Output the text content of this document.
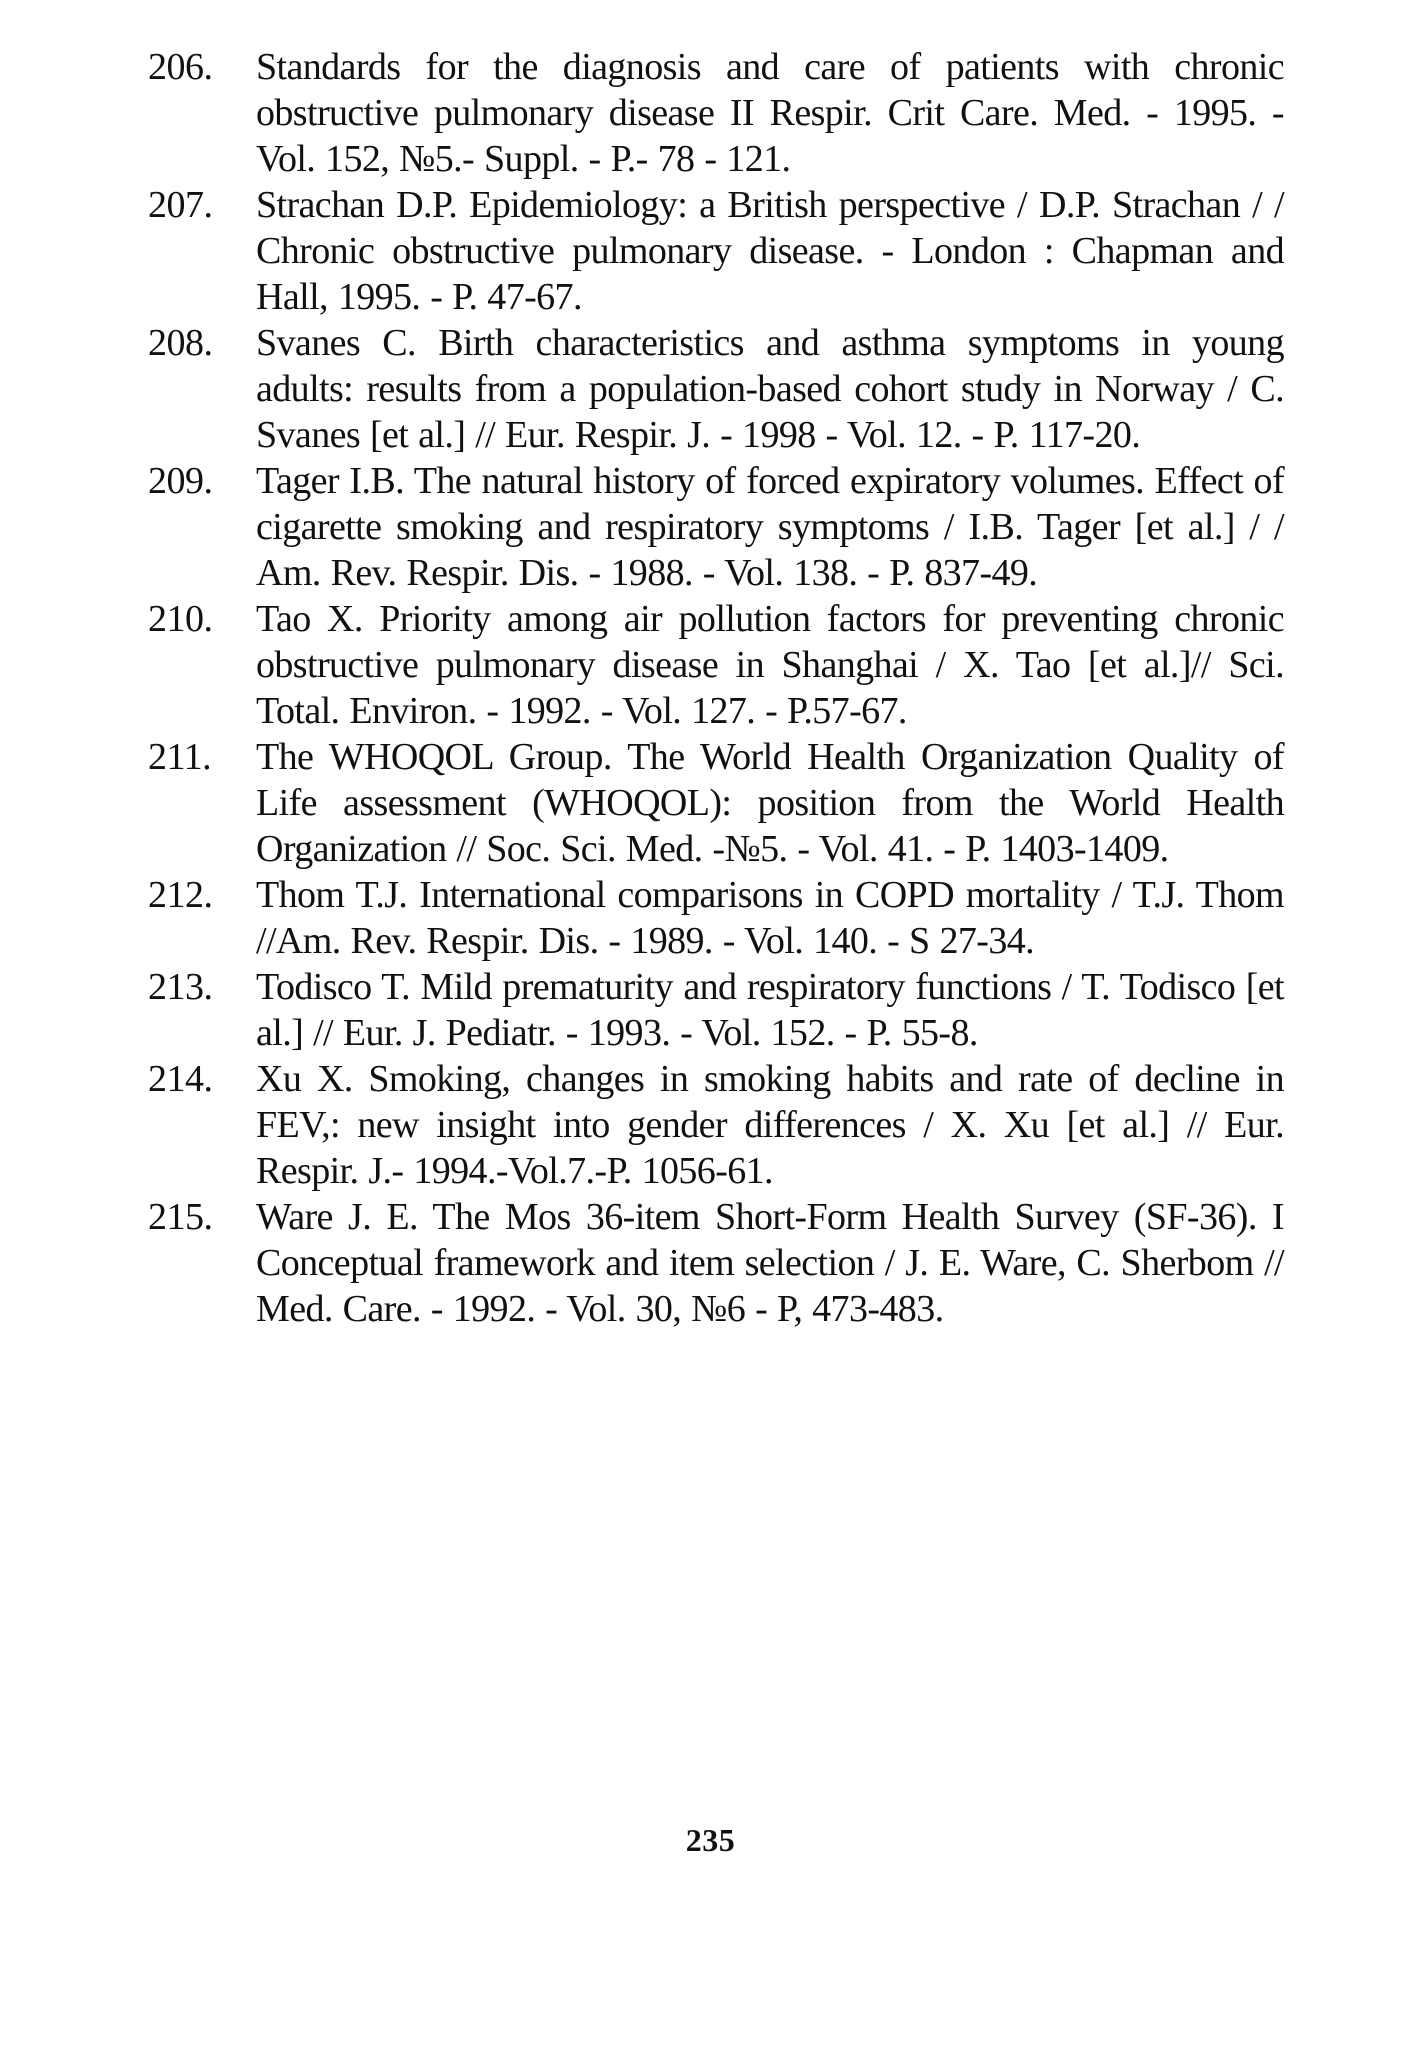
206.	Standards for the diagnosis and care of patients with chronic obstructive pulmonary disease II Respir. Crit Care. Med. - 1995. - Vol. 152, №5.- Suppl. - P.- 78 - 121.
207.	Strachan D.P. Epidemiology: a British perspective / D.P. Strachan / / Chronic obstructive pulmonary disease. - London : Chapman and Hall, 1995. - P. 47-67.
208.	Svanes C. Birth characteristics and asthma symptoms in young adults: results from a population-based cohort study in Norway / C. Svanes [et al.] // Eur. Respir. J. - 1998 - Vol. 12. - P. 117-20.
209.	Tager I.B. The natural history of forced expiratory volumes. Effect of cigarette smoking and respiratory symptoms / I.B. Tager [et al.] / / Am. Rev. Respir. Dis. - 1988. - Vol. 138. - P. 837-49.
210.	Tao X. Priority among air pollution factors for preventing chronic obstructive pulmonary disease in Shanghai / X. Tao [et al.]// Sci. Total. Environ. - 1992. - Vol. 127. - P.57-67.
211.	The WHOQOL Group. The World Health Organization Quality of Life assessment (WHOQOL): position from the World Health Organization // Soc. Sci. Med. -№5. - Vol. 41. - P. 1403-1409.
212.	Thom T.J. International comparisons in COPD mortality / T.J. Thom //Am. Rev. Respir. Dis. - 1989. - Vol. 140. - S 27-34.
213.	Todisco T. Mild prematurity and respiratory functions / T. Todisco [et al.] // Eur. J. Pediatr. - 1993. - Vol. 152. - P. 55-8.
214.	Xu X. Smoking, changes in smoking habits and rate of decline in FEV,: new insight into gender differences / X. Xu [et al.] // Eur. Respir. J.- 1994.-Vol.7.-P. 1056-61.
215.	Ware J. E. The Mos 36-item Short-Form Health Survey (SF-36). I Conceptual framework and item selection / J. E. Ware, C. Sherbom // Med. Care. - 1992. - Vol. 30, №6 - P, 473-483.
235
